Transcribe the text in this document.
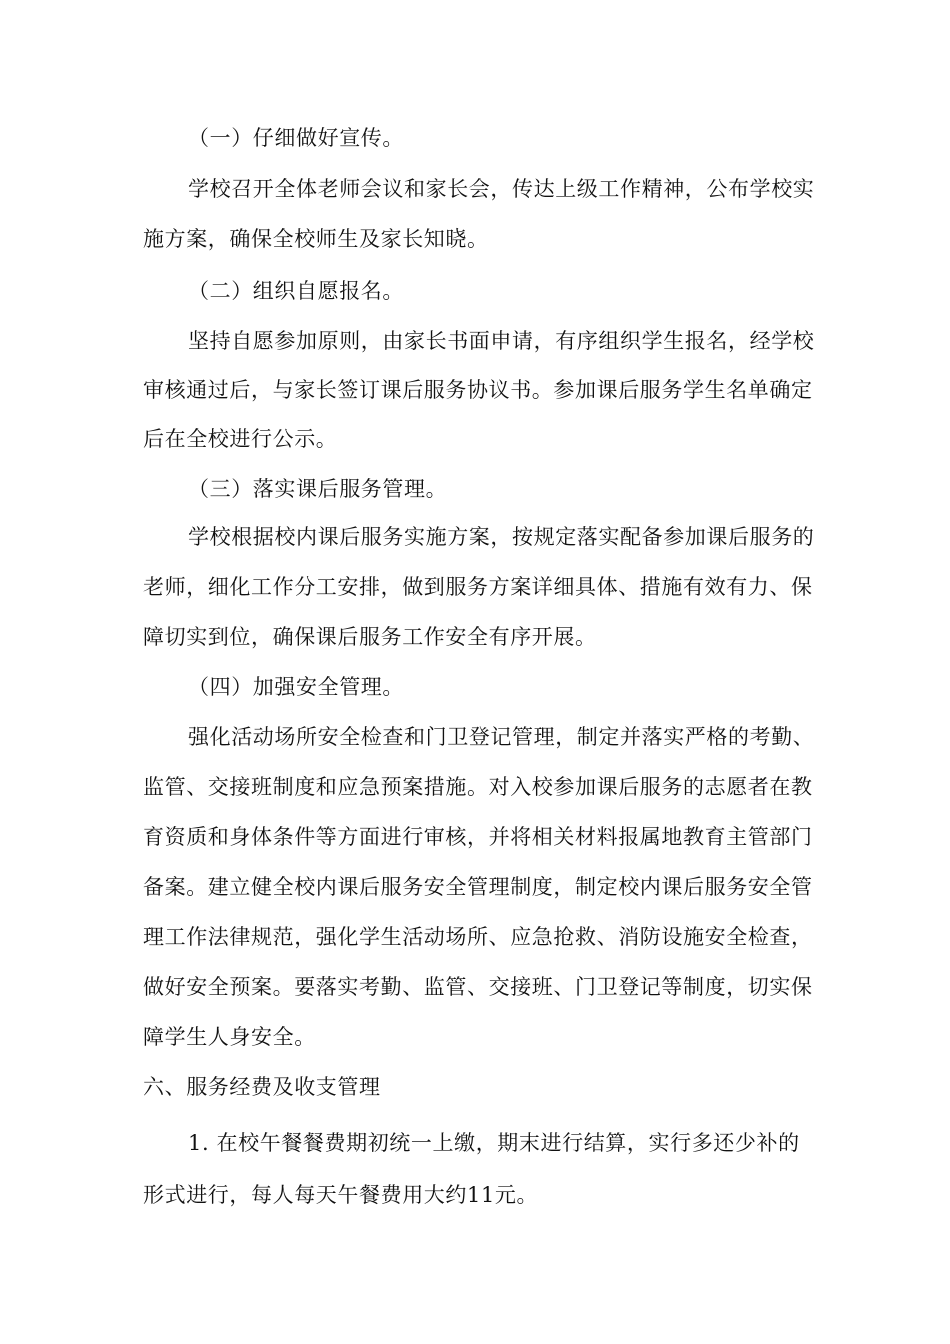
（一）仔细做好宣传。
学校召开全体老师会议和家长会，传达上级工作精神，公布学校实
施方案，确保全校师生及家长知晓。
（二）组织自愿报名。
坚持自愿参加原则，由家长书面申请，有序组织学生报名，经学校
审核通过后，与家长签订课后服务协议书。参加课后服务学生名单确定
后在全校进行公示。
（三）落实课后服务管理。
学校根据校内课后服务实施方案，按规定落实配备参加课后服务的
老师，细化工作分工安排，做到服务方案详细具体、措施有效有力、保
障切实到位，确保课后服务工作安全有序开展。
（四）加强安全管理。
强化活动场所安全检查和门卫登记管理，制定并落实严格的考勤、
监管、交接班制度和应急预案措施。对入校参加课后服务的志愿者在教
育资质和身体条件等方面进行审核，并将相关材料报属地教育主管部门
备案。建立健全校内课后服务安全管理制度，制定校内课后服务安全管
理工作法律规范，强化学生活动场所、应急抢救、消防设施安全检查，
做好安全预案。要落实考勤、监管、交接班、门卫登记等制度，切实保
障学生人身安全。
六、服务经费及收支管理
1. 在校午餐餐费期初统一上缴，期末进行结算，实行多还少补的
形式进行，每人每天午餐费用大约11元。
